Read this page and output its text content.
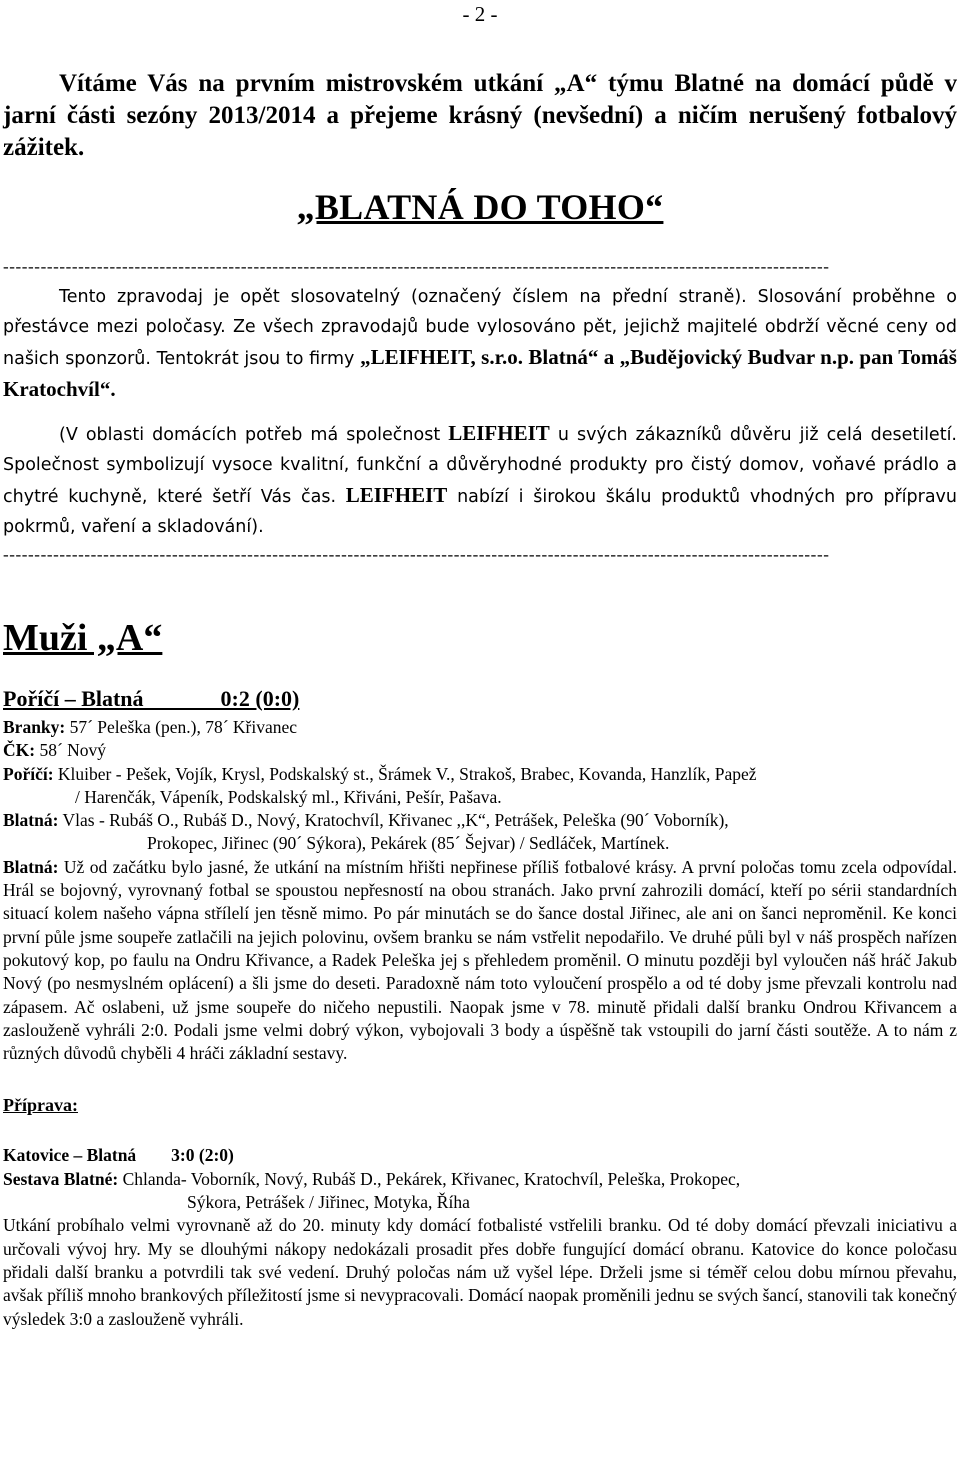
- 2 -
Vítáme Vás na prvním mistrovském utkání „A“ týmu Blatné na domácí půdě v jarní části sezóny 2013/2014 a přejeme krásný (nevšední) a ničím nerušený fotbalový zážitek.
„BLATNÁ DO TOHO“
------------------------------------------------------------------------------------------------------------------------------------
Tento zpravodaj je opět slosovatelný (označený číslem na přední straně). Slosování proběhne o přestávce mezi poločasy. Ze všech zpravodajů bude vylosováno pět, jejichž majitelé obdrží věcné ceny od našich sponzorů. Tentokrát jsou to firmy „LEIFHEIT, s.r.o. Blatná“ a „Budějovický Budvar n.p. pan Tomáš Kratochvíl“.
(V oblasti domácích potřeb má společnost LEIFHEIT u svých zákazníků důvěru již celá desetiletí. Společnost symbolizují vysoce kvalitní, funkční a důvěryhodné produkty pro čistý domov, voňavé prádlo a chytré kuchyně, které šetří Vás čas. LEIFHEIT nabízí i širokou škálu produktů vhodných pro přípravu pokrmů, vaření a skladování).
------------------------------------------------------------------------------------------------------------------------------------
Muži „A“
Poříčí – Blatná              0:2 (0:0)
Branky: 57´ Peleška (pen.), 78´ Křivanec
ČK: 58´ Nový
Poříčí: Kluiber - Pešek, Vojík, Krysl, Podskalský st., Šrámek V., Strakoš, Brabec, Kovanda, Hanzlík, Papež
/ Harenčák, Vápeník, Podskalský ml., Křiváni, Pešír, Pašava.
Blatná: Vlas - Rubáš O., Rubáš D., Nový, Kratochvíl, Křivanec ,,K“, Petrášek, Peleška (90´ Voborník),
Prokopec, Jiřinec (90´ Sýkora), Pekárek (85´ Šejvar) / Sedláček, Martínek.
Blatná: Už od začátku bylo jasné, že utkání na místním hřišti nepřinese příliš fotbalové krásy. A první poločas tomu zcela odpovídal. Hrál se bojovný, vyrovnaný fotbal se spoustou nepřesností na obou stranách. Jako první zahrozili domácí, kteří po sérii standardních situací kolem našeho vápna střílelí jen těsně mimo. Po pár minutách se do šance dostal Jiřinec, ale ani on šanci neproměnil. Ke konci první půle jsme soupeře zatlačili na jejich polovinu, ovšem branku se nám vstřelit nepodařilo. Ve druhé půli byl v náš prospěch nařízen pokutový kop, po faulu na Ondru Křivance, a Radek Peleška jej s přehledem proměnil. O minutu později byl vyloučen náš hráč Jakub Nový (po nesmyslném oplácení) a šli jsme do deseti. Paradoxně nám toto vyloučení prospělo a od té doby jsme převzali kontrolu nad zápasem. Ač oslabeni, už jsme soupeře do ničeho nepustili. Naopak jsme v 78. minutě přidali další branku Ondrou Křivancem a zaslouženě vyhráli 2:0. Podali jsme velmi dobrý výkon, vybojovali 3 body a úspěšně tak vstoupili do jarní části soutěže. A to nám z různých důvodů chyběli 4 hráči základní sestavy.
Příprava:
Katovice – Blatná        3:0 (2:0)
Sestava Blatné: Chlanda- Voborník, Nový, Rubáš D., Pekárek, Křivanec, Kratochvíl, Peleška, Prokopec,
Sýkora, Petrášek / Jiřinec, Motyka, Říha
Utkání probíhalo velmi vyrovnaně až do 20. minuty kdy domácí fotbalisté vstřelili branku. Od té doby domácí převzali iniciativu a určovali vývoj hry. My se dlouhými nákopy nedokázali prosadit přes dobře fungující domácí obranu. Katovice do konce poločasu přidali další branku a potvrdili tak své vedení. Druhý poločas nám už vyšel lépe. Drželi jsme si téměř celou dobu mírnou převahu, avšak příliš mnoho brankových příležitostí jsme si nevypracovali. Domácí naopak proměnili jednu se svých šancí, stanovili tak konečný výsledek 3:0 a zaslouženě vyhráli.
